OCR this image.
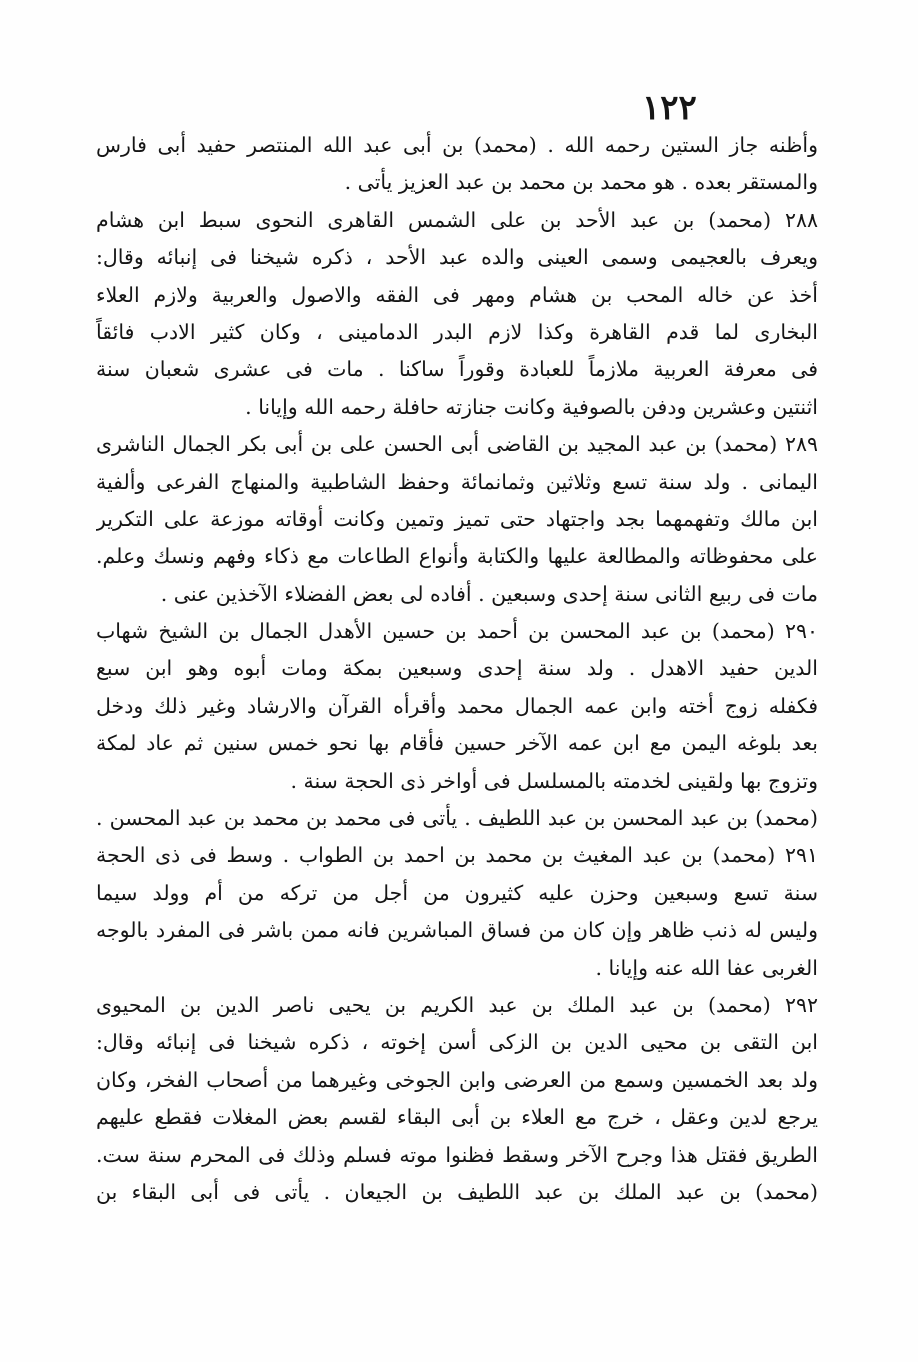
١٢٢
وأظنه جاز الستين رحمه الله . (محمد) بن أبى عبد الله المنتصر حفيد أبى فارس
والمستقر بعده . هو محمد بن محمد بن عبد العزيز يأتى .
٢٨٨ (محمد) بن عبد الأحد بن على الشمس القاهرى النحوى سبط ابن هشام
ويعرف بالعجيمى وسمى العينى والده عبد الأحد ، ذكره شيخنا فى إنبائه وقال:
أخذ عن خاله المحب بن هشام ومهر فى الفقه والاصول والعربية ولازم العلاء
البخارى لما قدم القاهرة وكذا لازم البدر الدمامينى ، وكان كثير الادب فائقاً
فى معرفة العربية ملازماً للعبادة وقوراً ساكنا . مات فى عشرى شعبان سنة
اثنتين وعشرين ودفن بالصوفية وكانت جنازته حافلة رحمه الله وإيانا .
٢٨٩ (محمد) بن عبد المجيد بن القاضى أبى الحسن على بن أبى بكر الجمال الناشرى
اليمانى . ولد سنة تسع وثلاثين وثمانمائة وحفظ الشاطبية والمنهاج الفرعى وألفية
ابن مالك وتفهمهما بجد واجتهاد حتى تميز وتمين وكانت أوقاته موزعة على التكرير
على محفوظاته والمطالعة عليها والكتابة وأنواع الطاعات مع ذكاء وفهم ونسك وعلم.
مات فى ربيع الثانى سنة إحدى وسبعين . أفاده لى بعض الفضلاء الآخذين عنى .
٢٩٠ (محمد) بن عبد المحسن بن أحمد بن حسين الأهدل الجمال بن الشيخ شهاب
الدين حفيد الاهدل . ولد سنة إحدى وسبعين بمكة ومات أبوه وهو ابن سبع
فكفله زوج أخته وابن عمه الجمال محمد وأقرأه القرآن والارشاد وغير ذلك ودخل
بعد بلوغه اليمن مع ابن عمه الآخر حسين فأقام بها نحو خمس سنين ثم عاد لمكة
وتزوج بها ولقينى لخدمته بالمسلسل فى أواخر ذى الحجة سنة .
(محمد) بن عبد المحسن بن عبد اللطيف . يأتى فى محمد بن محمد بن عبد المحسن .
٢٩١ (محمد) بن عبد المغيث بن محمد بن احمد بن الطواب . وسط فى ذى الحجة
سنة تسع وسبعين وحزن عليه كثيرون من أجل من تركه من أم وولد سيما
وليس له ذنب ظاهر وإن كان من فساق المباشرين فانه ممن باشر فى المفرد بالوجه
الغربى عفا الله عنه وإيانا .
٢٩٢ (محمد) بن عبد الملك بن عبد الكريم بن يحيى ناصر الدين بن المحيوى
ابن التقى بن محيى الدين بن الزكى أسن إخوته ، ذكره شيخنا فى إنبائه وقال:
ولد بعد الخمسين وسمع من العرضى وابن الجوخى وغيرهما من أصحاب الفخر، وكان
يرجع لدين وعقل ، خرج مع العلاء بن أبى البقاء لقسم بعض المغلات فقطع عليهم
الطريق فقتل هذا وجرح الآخر وسقط فظنوا موته فسلم وذلك فى المحرم سنة ست.
(محمد) بن عبد الملك بن عبد اللطيف بن الجيعان . يأتى فى أبى البقاء بن
